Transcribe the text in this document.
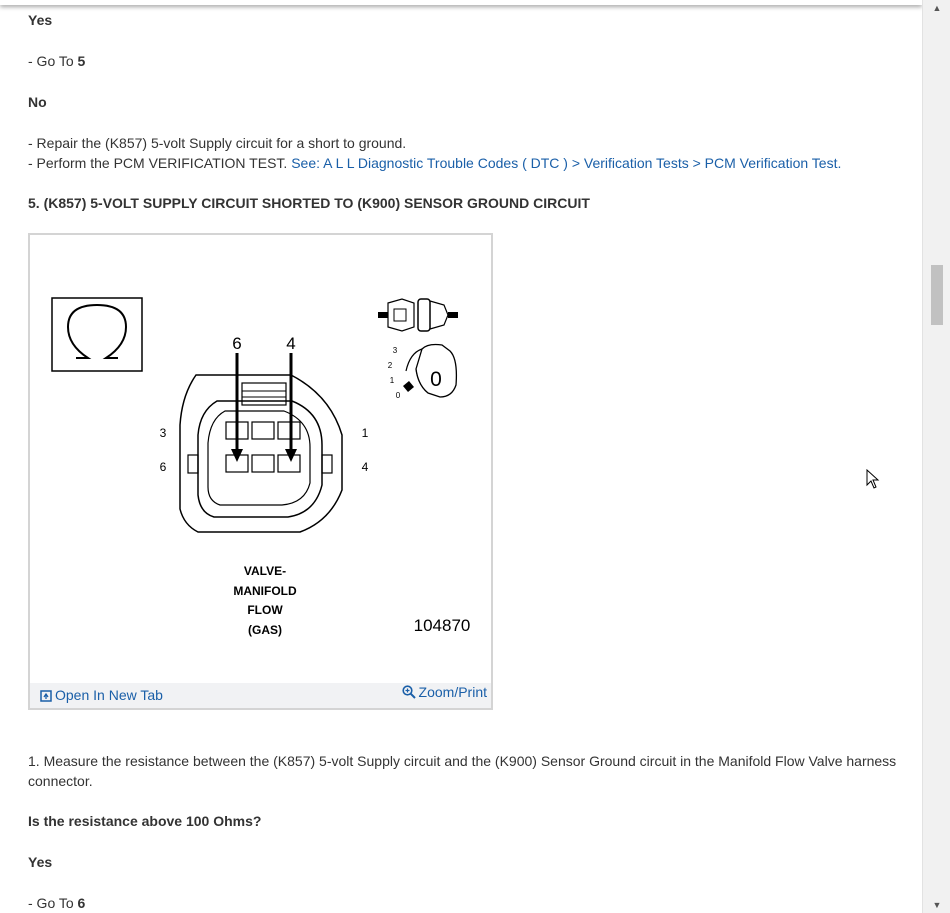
Yes
- Go To 5
No
- Repair the (K857) 5-volt Supply circuit for a short to ground.
- Perform the PCM VERIFICATION TEST. See: A L L Diagnostic Trouble Codes ( DTC ) > Verification Tests > PCM Verification Test.
5. (K857) 5-VOLT SUPPLY CIRCUIT SHORTED TO (K900) SENSOR GROUND CIRCUIT
6	4
3
6
1
4
0
3
2
1
0
VALVE-
MANIFOLD
FLOW
(GAS)	104870
Open In New Tab	Zoom/Print
1. Measure the resistance between the (K857) 5-volt Supply circuit and the (K900) Sensor Ground circuit in the Manifold Flow Valve harness connector.
Is the resistance above 100 Ohms?
Yes
- Go To 6
▲
▼
